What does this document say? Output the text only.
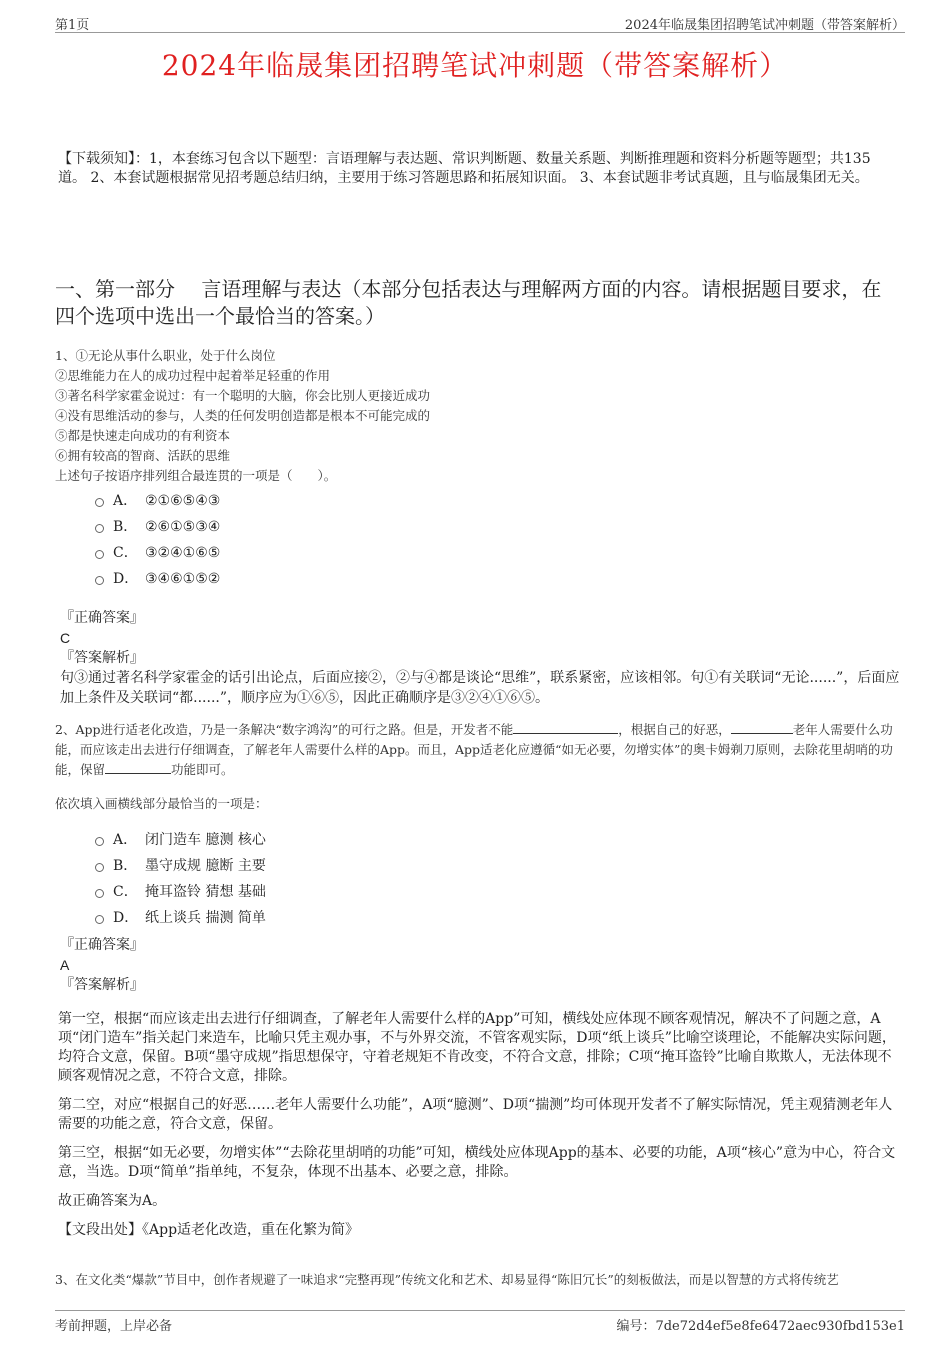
第1页	2024年临晟集团招聘笔试冲刺题（带答案解析）
2024年临晟集团招聘笔试冲刺题（带答案解析）
【下载须知】：1，本套练习包含以下题型：言语理解与表达题、常识判断题、数量关系题、判断推理题和资料分析题等题型；共135道。 2、本套试题根据常见招考题总结归纳，主要用于练习答题思路和拓展知识面。 3、本套试题非考试真题，且与临晟集团无关。
一、第一部分　 言语理解与表达（本部分包括表达与理解两方面的内容。请根据题目要求，在四个选项中选出一个最恰当的答案。）
1、①无论从事什么职业，处于什么岗位
②思维能力在人的成功过程中起着举足轻重的作用
③著名科学家霍金说过：有一个聪明的大脑，你会比别人更接近成功
④没有思维活动的参与，人类的任何发明创造都是根本不可能完成的
⑤都是快速走向成功的有利资本
⑥拥有较高的智商、活跃的思维
上述句子按语序排列组合最连贯的一项是（　　）。
A． ②①⑥⑤④③
B． ②⑥①⑤③④
C． ③②④①⑥⑤
D． ③④⑥①⑤②
『正确答案』
C
『答案解析』
句③通过著名科学家霍金的话引出论点，后面应接②，②与④都是谈论“思维”，联系紧密，应该相邻。句①有关联词“无论......”，后面应加上条件及关联词“都......”，顺序应为①⑥⑤，因此正确顺序是③②④①⑥⑤。
2、App进行适老化改造，乃是一条解决“数字鸿沟”的可行之路。但是，开发者不能	，根据自己的好恶，	老年人需要什么功能，而应该走出去进行仔细调查，了解老年人需要什么样的App。而且，App适老化应遵循“如无必要，勿增实体”的奥卡姆剃刀原则，去除花里胡哨的功能，保留	功能即可。
依次填入画横线部分最恰当的一项是：
A． 闭门造车 臆测 核心
B． 墨守成规 臆断 主要
C． 掩耳盗铃 猜想 基础
D． 纸上谈兵 揣测 简单
『正确答案』
A
『答案解析』

第一空，根据“而应该走出去进行仔细调查，了解老年人需要什么样的App”可知，横线处应体现不顾客观情况，解决不了问题之意，A项“闭门造车”指关起门来造车，比喻只凭主观办事，不与外界交流，不管客观实际，D项“纸上谈兵”比喻空谈理论，不能解决实际问题，均符合文意，保留。B项“墨守成规”指思想保守，守着老规矩不肯改变，不符合文意，排除；C项“掩耳盗铃”比喻自欺欺人，无法体现不顾客观情况之意，不符合文意，排除。

第二空，对应“根据自己的好恶……老年人需要什么功能”，A项“臆测”、D项“揣测”均可体现开发者不了解实际情况，凭主观猜测老年人需要的功能之意，符合文意，保留。

第三空，根据“如无必要，勿增实体”“去除花里胡哨的功能”可知，横线处应体现App的基本、必要的功能，A项“核心”意为中心，符合文意，当选。D项“简单”指单纯，不复杂，体现不出基本、必要之意，排除。

故正确答案为A。

【文段出处】《App适老化改造，重在化繁为简》

3、在文化类“爆款”节目中，创作者规避了一味追求“完整再现”传统文化和艺术、却易显得“陈旧冗长”的刻板做法，而是以智慧的方式将传统艺
考前押题，上岸必备	编号：7de72d4ef5e8fe6472aec930fbd153e1
